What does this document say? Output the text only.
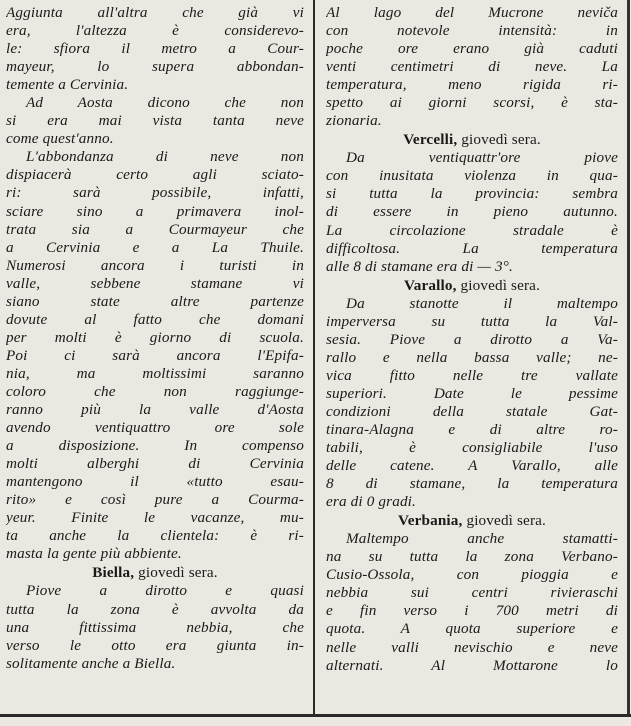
Aggiunta all'altra che già vi
era, l'altezza è considerevo-
le: sfiora il metro a Cour-
mayeur, lo supera abbondan-
temente a Cervinia.
Ad Aosta dicono che non
si era mai vista tanta neve
come quest'anno.
L'abbondanza di neve non
dispiacerà certo agli sciato-
ri: sarà possibile, infatti,
sciare sino a primavera inol-
trata sia a Courmayeur che
a Cervinia e a La Thuile.
Numerosi ancora i turisti in
valle, sebbene stamane vi
siano state altre partenze
dovute al fatto che domani
per molti è giorno di scuola.
Poi ci sarà ancora l'Epifa-
nia, ma moltissimi saranno
coloro che non raggiunge-
ranno più la valle d'Aosta
avendo ventiquattro ore sole
a disposizione. In compenso
molti alberghi di Cervinia
mantengono il «tutto esau-
rito» e così pure a Courma-
yeur. Finite le vacanze, mu-
ta anche la clientela: è ri-
masta la gente più abbiente.
Biella, giovedì sera.
Piove a dirotto e quasi
tutta la zona è avvolta da
una fittissima nebbia, che
verso le otto era giunta in-
solitamente anche a Biella.
Al lago del Mucrone neviča
con notevole intensità: in
poche ore erano già caduti
venti centimetri di neve. La
temperatura, meno rigida ri-
spetto ai giorni scorsi, è sta-
zionaria.
Vercelli, giovedì sera.
Da ventiquattr'ore piove
con inusitata violenza in qua-
si tutta la provincia: sembra
di essere in pieno autunno.
La circolazione stradale è
difficoltosa. La temperatura
alle 8 di stamane era di — 3°.
Varallo, giovedì sera.
Da stanotte il maltempo
imperversa su tutta la Val-
sesia. Piove a dirotto a Va-
rallo e nella bassa valle; ne-
vica fitto nelle tre vallate
superiori. Date le pessime
condizioni della statale Gat-
tinara-Alagna e di altre ro-
tabili, è consigliabile l'uso
delle catene. A Varallo, alle
8 di stamane, la temperatura
era di 0 gradi.
Verbania, giovedì sera.
Maltempo anche stamatti-
na su tutta la zona Verbano-
Cusio-Ossola, con pioggia e
nebbia sui centri rivieraschi
e fin verso i 700 metri di
quota. A quota superiore e
nelle valli nevischio e neve
alternati. Al Mottarone lo
